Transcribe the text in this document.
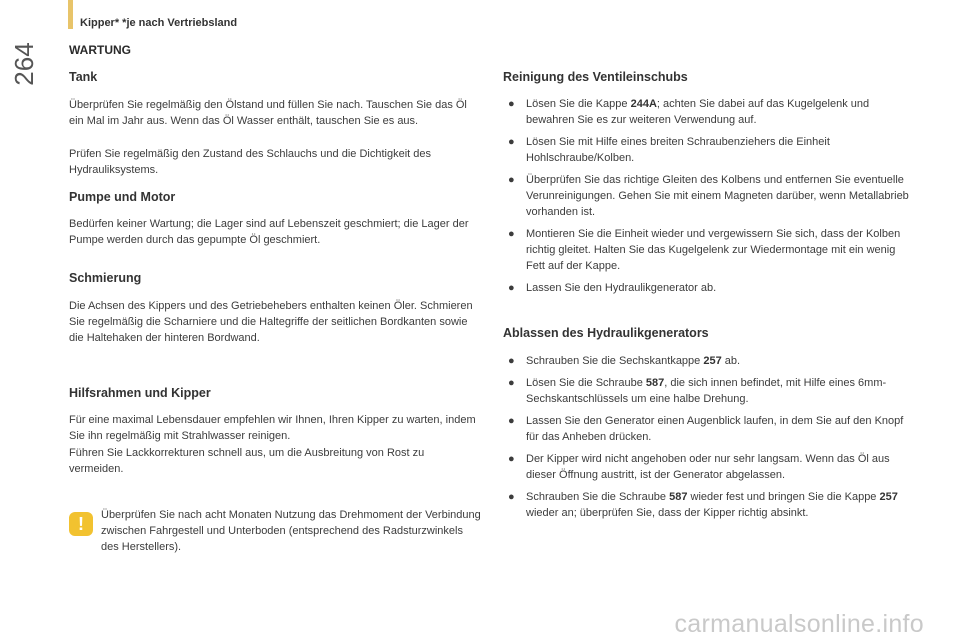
Kipper* *je nach Vertriebsland
264	WARTUNG
Tank

Überprüfen Sie regelmäßig den Ölstand und füllen Sie nach. Tauschen Sie das Öl ein Mal im Jahr aus. Wenn das Öl Wasser enthält, tauschen Sie es aus.

Prüfen Sie regelmäßig den Zustand des Schlauchs und die Dichtigkeit des Hydrauliksystems.

Pumpe und Motor

Bedürfen keiner Wartung; die Lager sind auf Lebenszeit geschmiert; die Lager der Pumpe werden durch das gepumpte Öl geschmiert.

Schmierung

Die Achsen des Kippers und des Getriebehebers enthalten keinen Öler. Schmieren Sie regelmäßig die Scharniere und die Haltegriffe der seitlichen Bordkanten sowie die Haltehaken der hinteren Bordwand.

Hilfsrahmen und Kipper

Für eine maximal Lebensdauer empfehlen wir Ihnen, Ihren Kipper zu warten, indem Sie ihn regelmäßig mit Strahlwasser reinigen.

Führen Sie Lackkorrekturen schnell aus, um die Ausbreitung von Rost zu vermeiden.

!	Überprüfen Sie nach acht Monaten Nutzung das Drehmoment der Verbindung zwischen Fahrgestell und Unterboden (entsprechend des Radsturzwinkels des Herstellers).

Reinigung des Ventileinschubs
● Lösen Sie die Kappe 244A; achten Sie dabei auf das Kugelgelenk und bewahren Sie es zur weiteren Verwendung auf.
● Lösen Sie mit Hilfe eines breiten Schraubenziehers die Einheit Hohlschraube/Kolben.
● Überprüfen Sie das richtige Gleiten des Kolbens und entfernen Sie eventuelle Verunreinigungen. Gehen Sie mit einem Magneten darüber, wenn Metallabrieb vorhanden ist.
● Montieren Sie die Einheit wieder und vergewissern Sie sich, dass der Kolben richtig gleitet. Halten Sie das Kugelgelenk zur Wiedermontage mit ein wenig Fett auf der Kappe.
● Lassen Sie den Hydraulikgenerator ab.
Ablassen des Hydraulikgenerators
● Schrauben Sie die Sechskantkappe 257 ab.
● Lösen Sie die Schraube 587, die sich innen befindet, mit Hilfe eines 6mm-Sechskantschlüssels um eine halbe Drehung.
● Lassen Sie den Generator einen Augenblick laufen, in dem Sie auf den Knopf für das Anheben drücken.
● Der Kipper wird nicht angehoben oder nur sehr langsam. Wenn das Öl aus dieser Öffnung austritt, ist der Generator abgelassen.
● Schrauben Sie die Schraube 587 wieder fest und bringen Sie die Kappe 257 wieder an; überprüfen Sie, dass der Kipper richtig absinkt.
carmanualsonline.info
